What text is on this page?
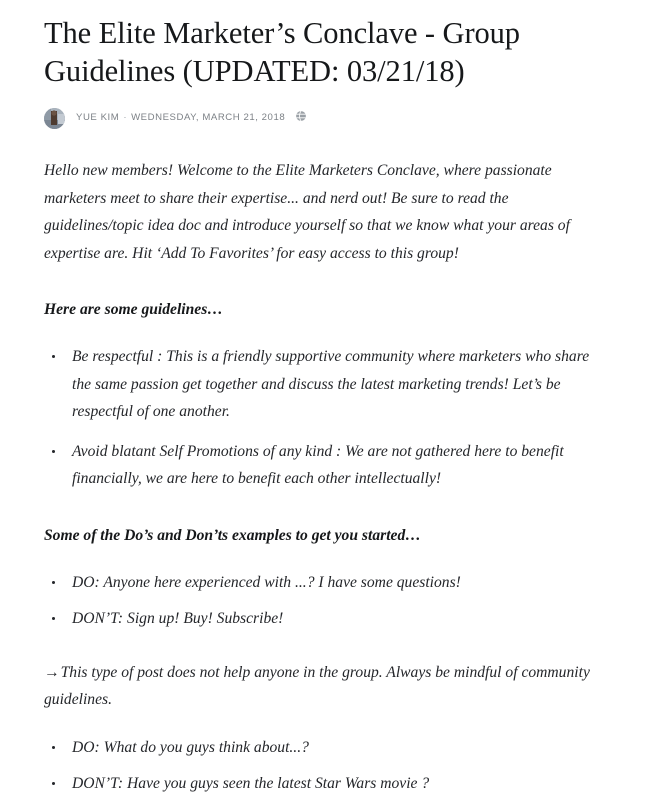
The Elite Marketer’s Conclave - Group Guidelines (UPDATED: 03/21/18)
YUE KIM · WEDNESDAY, MARCH 21, 2018

Hello new members! Welcome to the Elite Marketers Conclave, where passionate marketers meet to share their expertise... and nerd out! Be sure to read the guidelines/topic idea doc and introduce yourself so that we know what your areas of expertise are. Hit ‘Add To Favorites’ for easy access to this group!

Here are some guidelines…

Be respectful : This is a friendly supportive community where marketers who share the same passion get together and discuss the latest marketing trends! Let’s be respectful of one another.
Avoid blatant Self Promotions of any kind : We are not gathered here to benefit financially, we are here to benefit each other intellectually!

Some of the Do’s and Don’ts examples to get you started…

DO: Anyone here experienced with ...? I have some questions!
DON’T: Sign up! Buy! Subscribe!

→ This type of post does not help anyone in the group. Always be mindful of community guidelines.

DO: What do you guys think about...?
DON’T: Have you guys seen the latest Star Wars movie ?
